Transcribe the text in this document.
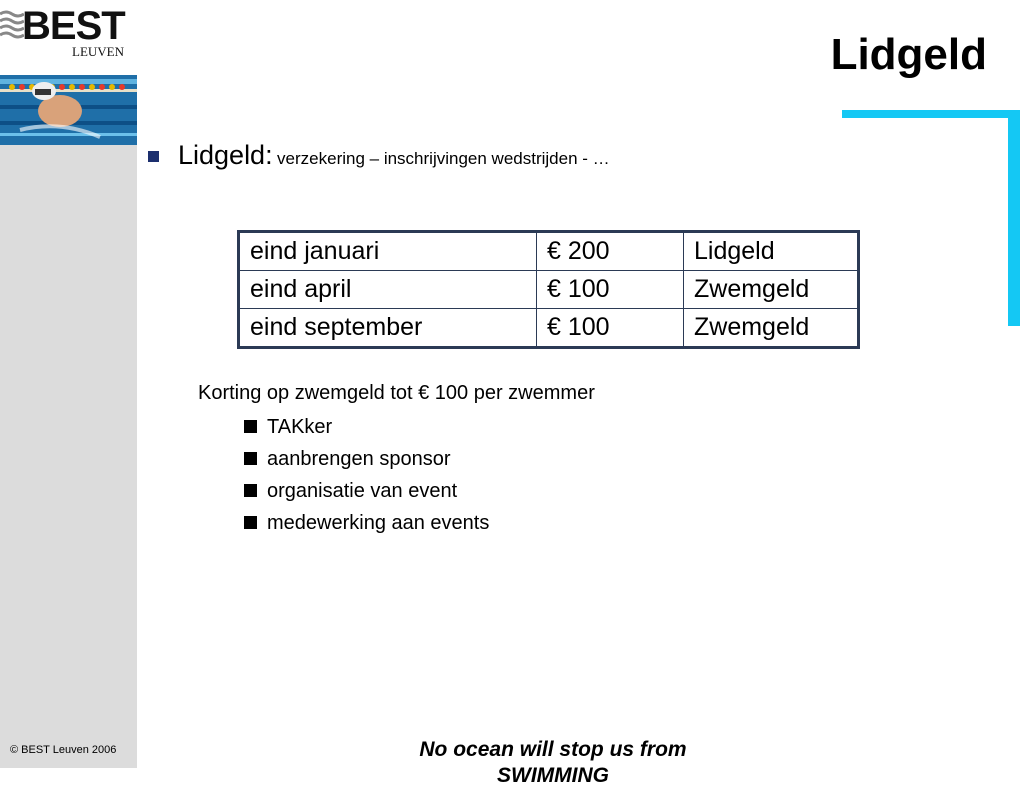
BEST
LEUVEN
© BEST Leuven 2006
Lidgeld
Lidgeld: verzekering – inschrijvingen wedstrijden - …
eind januari	€ 200	Lidgeld
eind april	€ 100	Zwemgeld
eind september	€ 100	Zwemgeld
Korting op zwemgeld tot € 100 per zwemmer
TAKker
aanbrengen sponsor
organisatie van event
medewerking aan events
No ocean will stop us from SWIMMING
